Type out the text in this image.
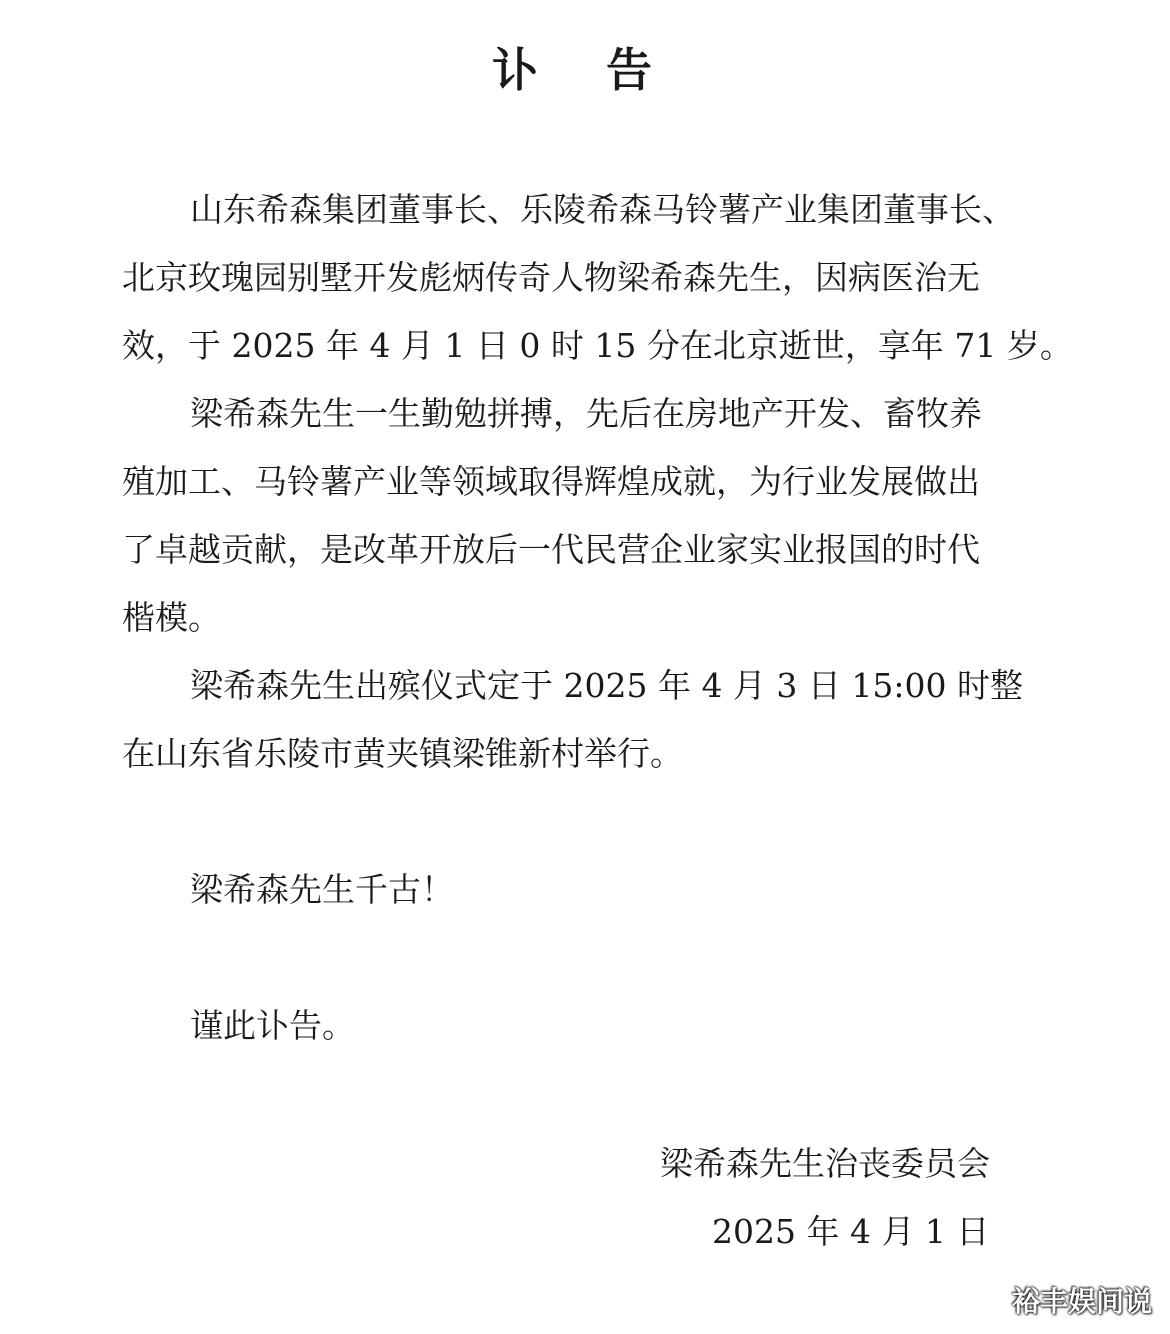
讣 告
山东希森集团董事长、乐陵希森马铃薯产业集团董事长、
北京玫瑰园别墅开发彪炳传奇人物梁希森先生，因病医治无
效，于 2025 年 4 月 1 日 0 时 15 分在北京逝世，享年 71 岁。
梁希森先生一生勤勉拼搏，先后在房地产开发、畜牧养
殖加工、马铃薯产业等领域取得辉煌成就，为行业发展做出
了卓越贡献，是改革开放后一代民营企业家实业报国的时代
楷模。
梁希森先生出殡仪式定于 2025 年 4 月 3 日 15:00 时整
在山东省乐陵市黄夹镇梁锥新村举行。
梁希森先生千古！
谨此讣告。
梁希森先生治丧委员会
2025 年 4 月 1 日
裕丰娱间说
